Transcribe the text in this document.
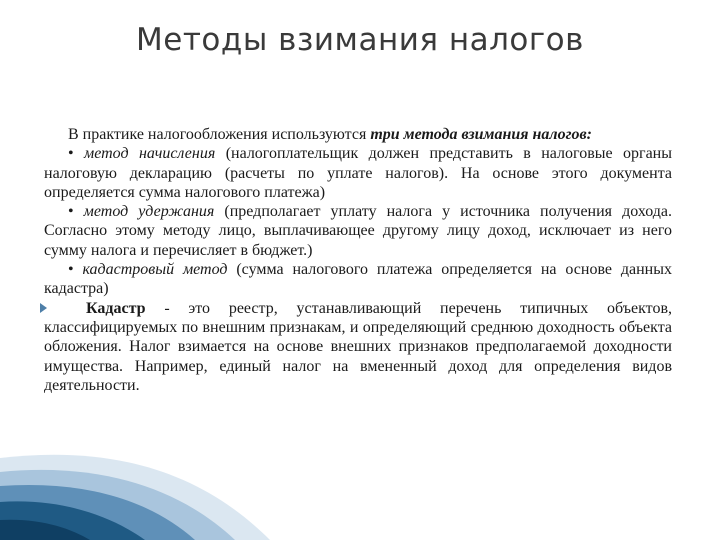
Методы взимания налогов

В практике налогообложения используются три метода взимания налогов:

• метод начисления (налогоплательщик должен представить в налоговые органы налоговую декларацию (расчеты по уплате налогов). На основе этого документа определяется сумма налогового платежа)

• метод удержания (предполагает уплату налога у источника получения дохода. Согласно этому методу лицо, выплачивающее другому лицу доход, исключает из него сумму налога и перечисляет в бюджет.)

• кадастровый метод (сумма налогового платежа определяется на основе данных кадастра)

Кадастр - это реестр, устанавливающий перечень типичных объектов, классифицируемых по внешним признакам, и определяющий среднюю доходность объекта обложения. Налог взимается на основе внешних признаков предполагаемой доходности имущества. Например, единый налог на вмененный доход для определения видов деятельности.
